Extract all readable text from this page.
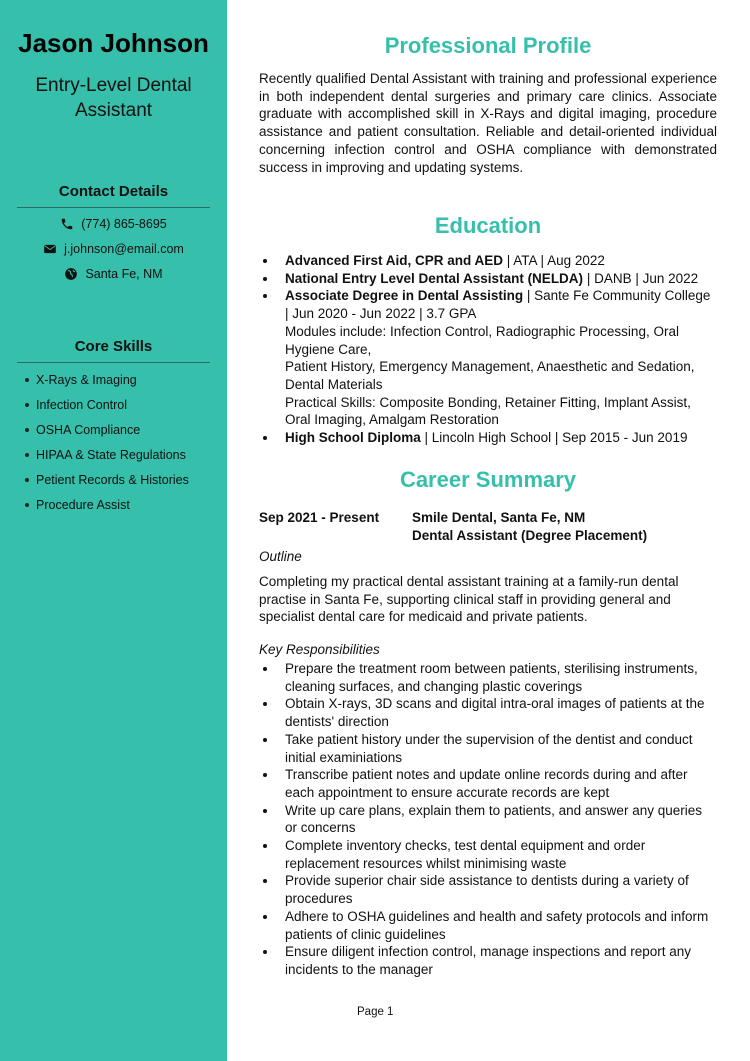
Jason Johnson
Entry-Level Dental Assistant
Contact Details
(774) 865-8695
j.johnson@email.com
Santa Fe, NM
Core Skills
X-Rays & Imaging
Infection Control
OSHA Compliance
HIPAA & State Regulations
Petient Records & Histories
Procedure Assist
Professional Profile

Recently qualified Dental Assistant with training and professional experience in both independent dental surgeries and primary care clinics. Associate graduate with accomplished skill in X-Rays and digital imaging, procedure assistance and patient consultation. Reliable and detail-oriented individual concerning infection control and OSHA compliance with demonstrated success in improving and updating systems.

Education
Advanced First Aid, CPR and AED | ATA | Aug 2022
National Entry Level Dental Assistant (NELDA) | DANB | Jun 2022
Associate Degree in Dental Assisting | Sante Fe Community College | Jun 2020 - Jun 2022 | 3.7 GPA
Modules include: Infection Control, Radiographic Processing, Oral Hygiene Care,
Patient History, Emergency Management, Anaesthetic and Sedation, Dental Materials
Practical Skills: Composite Bonding, Retainer Fitting, Implant Assist, Oral Imaging, Amalgam Restoration
High School Diploma | Lincoln High School | Sep 2015 - Jun 2019
Career Summary
Sep 2021 - Present Smile Dental, Santa Fe, NM
Dental Assistant (Degree Placement)

Outline

Completing my practical dental assistant training at a family-run dental practise in Santa Fe, supporting clinical staff in providing general and specialist dental care for medicaid and private patients.

Key Responsibilities

Prepare the treatment room between patients, sterilising instruments, cleaning surfaces, and changing plastic coverings
Obtain X-rays, 3D scans and digital intra-oral images of patients at the dentists' direction
Take patient history under the supervision of the dentist and conduct initial examiniations
Transcribe patient notes and update online records during and after each appointment to ensure accurate records are kept
Write up care plans, explain them to patients, and answer any queries or concerns
Complete inventory checks, test dental equipment and order replacement resources whilst minimising waste
Provide superior chair side assistance to dentists during a variety of procedures
Adhere to OSHA guidelines and health and safety protocols and inform patients of clinic guidelines
Ensure diligent infection control, manage inspections and report any incidents to the manager
Page 1
